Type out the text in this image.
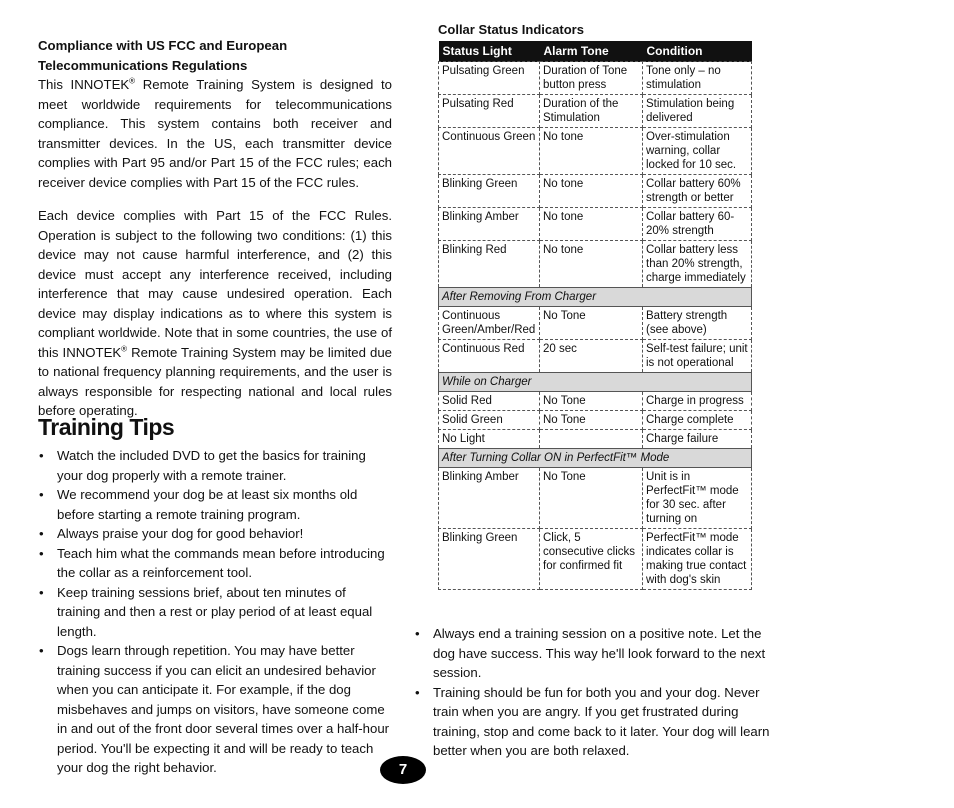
Compliance with US FCC and European Telecommunications Regulations

This INNOTEK® Remote Training System is designed to meet worldwide requirements for telecommunications compliance. This system contains both receiver and transmitter devices. In the US, each transmitter device complies with Part 95 and/or Part 15 of the FCC rules; each receiver device complies with Part 15 of the FCC rules.

Each device complies with Part 15 of the FCC Rules. Operation is subject to the following two conditions: (1) this device may not cause harmful interference, and (2) this device must accept any interference received, including interference that may cause undesired operation. Each device may display indications as to where this system is compliant worldwide. Note that in some countries, the use of this INNOTEK® Remote Training System may be limited due to national frequency planning requirements, and the user is always responsible for respecting national and local rules before operating.

Training Tips
• Watch the included DVD to get the basics for training your dog properly with a remote trainer.
• We recommend your dog be at least six months old before starting a remote training program.
• Always praise your dog for good behavior!
• Teach him what the commands mean before introducing the collar as a reinforcement tool.
• Keep training sessions brief, about ten minutes of training and then a rest or play period of at least equal length.
• Dogs learn through repetition. You may have better training success if you can elicit an undesired behavior when you can anticipate it. For example, if the dog misbehaves and jumps on visitors, have someone come in and out of the front door several times over a half-hour period. You'll be expecting it and will be ready to teach your dog the right behavior.
Collar Status Indicators
Status Light	Alarm Tone	Condition
Pulsating Green	Duration of Tone button press	Tone only – no stimulation
Pulsating Red	Duration of the Stimulation	Stimulation being delivered
Continuous Green	No tone	Over-stimulation warning, collar locked for 10 sec.
Blinking Green	No tone	Collar battery 60% strength or better
Blinking Amber	No tone	Collar battery 60-20% strength
Blinking Red	No tone	Collar battery less than 20% strength, charge immediately
After Removing From Charger		
Continuous Green/Amber/Red	No Tone	Battery strength (see above)
Continuous Red	20 sec	Self-test failure; unit is not operational
While on Charger		
Solid Red	No Tone	Charge in progress
Solid Green	No Tone	Charge complete
No Light		Charge failure
After Turning Collar ON in PerfectFit™ Mode		
Blinking Amber	No Tone	Unit is in PerfectFit™ mode for 30 sec. after turning on
Blinking Green	Click, 5 consecutive clicks for confirmed fit	PerfectFit™ mode indicates collar is making true contact with dog's skin
• Always end a training session on a positive note. Let the dog have success. This way he'll look forward to the next session.
• Training should be fun for both you and your dog. Never train when you are angry. If you get frustrated during training, stop and come back to it later. Your dog will learn better when you are both relaxed.
7
